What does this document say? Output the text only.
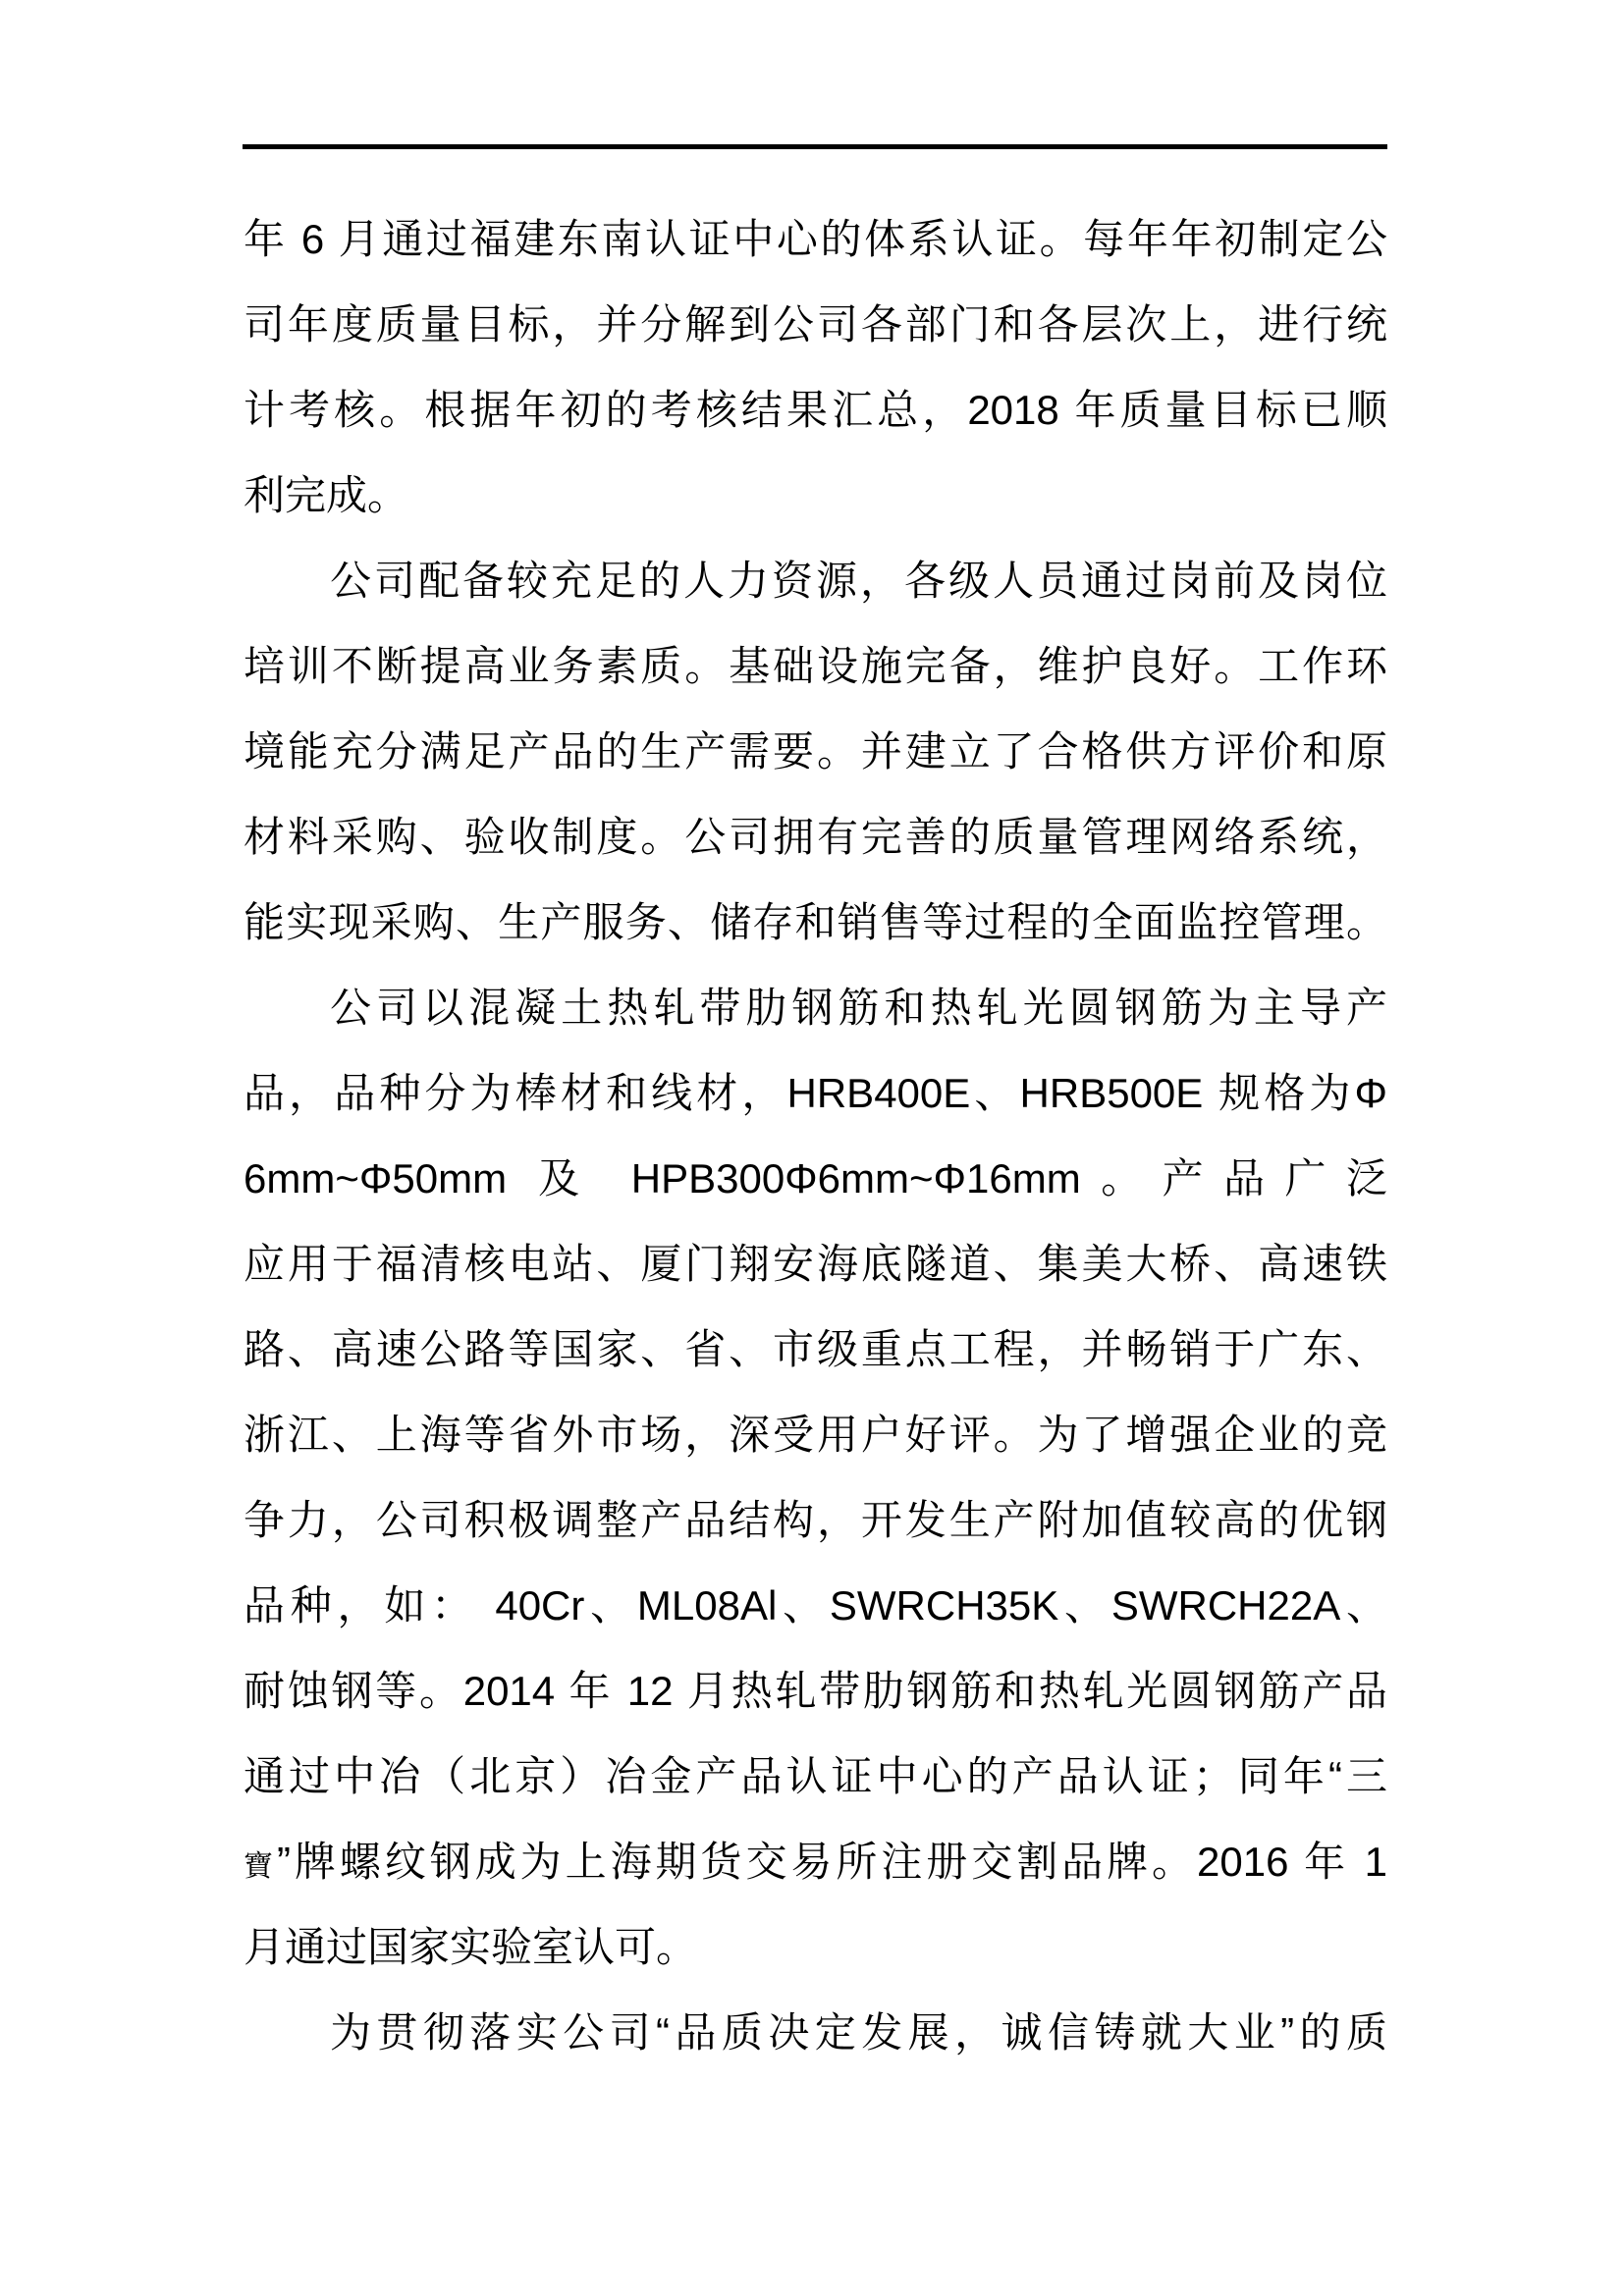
年 6 月通过福建东南认证中心的体系认证。每年年初制定公
司年度质量目标，并分解到公司各部门和各层次上，进行统
计考核。根据年初的考核结果汇总，2018 年质量目标已顺
利完成。
公司配备较充足的人力资源，各级人员通过岗前及岗位
培训不断提高业务素质。基础设施完备，维护良好。工作环
境能充分满足产品的生产需要。并建立了合格供方评价和原
材料采购、验收制度。公司拥有完善的质量管理网络系统，
能实现采购、生产服务、储存和销售等过程的全面监控管理。
公司以混凝土热轧带肋钢筋和热轧光圆钢筋为主导产
品，品种分为棒材和线材，HRB400E、HRB500E 规格为Φ
6mm~Φ50mm 及 HPB300Φ6mm~Φ16mm。产品广泛
应用于福清核电站、厦门翔安海底隧道、集美大桥、高速铁
路、高速公路等国家、省、市级重点工程，并畅销于广东、
浙江、上海等省外市场，深受用户好评。为了增强企业的竞
争力，公司积极调整产品结构，开发生产附加值较高的优钢
品种，如： 40Cr、ML08Al、SWRCH35K、SWRCH22A、
耐蚀钢等。2014 年 12 月热轧带肋钢筋和热轧光圆钢筋产品
通过中冶（北京）冶金产品认证中心的产品认证；同年“三
寶”牌螺纹钢成为上海期货交易所注册交割品牌。2016 年 1
月通过国家实验室认可。
为贯彻落实公司“品质决定发展，诚信铸就大业”的质
